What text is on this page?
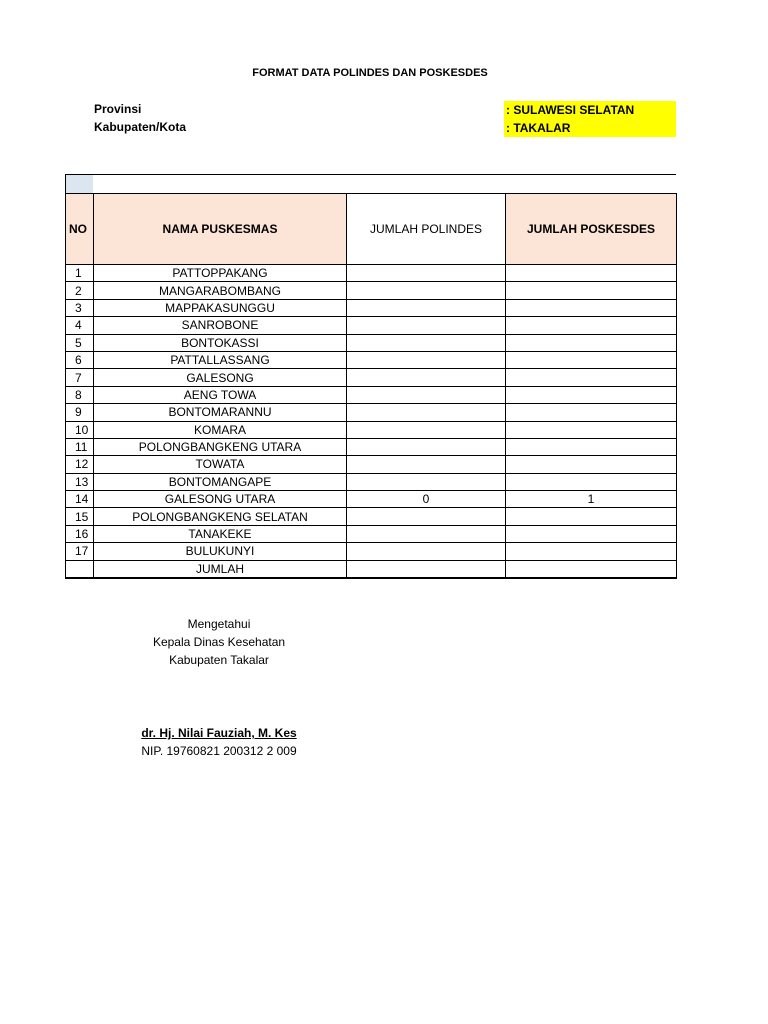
FORMAT DATA POLINDES DAN POSKESDES
Provinsi	: SULAWESI SELATAN
Kabupaten/Kota	: TAKALAR
NO	NAMA PUSKESMAS	JUMLAH POLINDES	JUMLAH POSKESDES
1	PATTOPPAKANG		
2	MANGARABOMBANG		
3	MAPPAKASUNGGU		
4	SANROBONE		
5	BONTOKASSI		
6	PATTALLASSANG		
7	GALESONG		
8	AENG TOWA		
9	BONTOMARANNU		
10	KOMARA		
11	POLONGBANGKENG UTARA		
12	TOWATA		
13	BONTOMANGAPE		
14	GALESONG UTARA	0	1
15	POLONGBANGKENG SELATAN		
16	TANAKEKE		
17	BULUKUNYI		
	JUMLAH		
Mengetahui
Kepala Dinas Kesehatan
Kabupaten Takalar
dr. Hj. Nilai Fauziah, M. Kes
NIP. 19760821 200312 2 009
